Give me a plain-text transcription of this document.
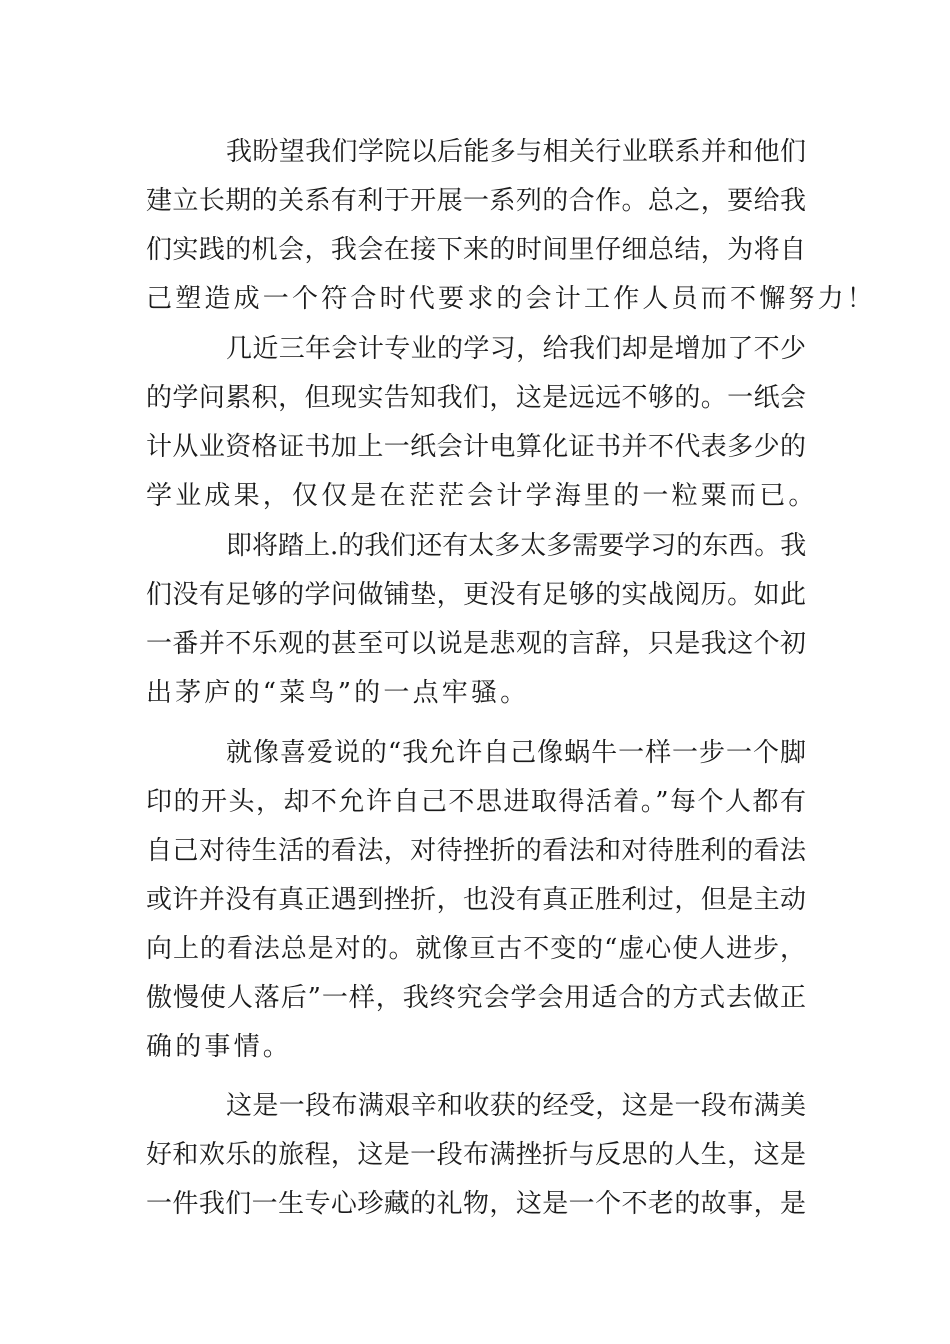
我盼望我们学院以后能多与相关行业联系并和他们
建立长期的关系有利于开展一系列的合作。总之，要给我
们实践的机会，我会在接下来的时间里仔细总结，为将自
己塑造成一个符合时代要求的会计工作人员而不懈努力！
几近三年会计专业的学习，给我们却是增加了不少
的学问累积，但现实告知我们，这是远远不够的。一纸会
计从业资格证书加上一纸会计电算化证书并不代表多少的
学业成果，仅仅是在茫茫会计学海里的一粒粟而已。
即将踏上.的我们还有太多太多需要学习的东西。我
们没有足够的学问做铺垫，更没有足够的实战阅历。如此
一番并不乐观的甚至可以说是悲观的言辞，只是我这个初
出茅庐的“菜鸟”的一点牢骚。
就像喜爱说的“我允许自己像蜗牛一样一步一个脚
印的开头，却不允许自己不思进取得活着。”每个人都有
自己对待生活的看法，对待挫折的看法和对待胜利的看法
或许并没有真正遇到挫折，也没有真正胜利过，但是主动
向上的看法总是对的。就像亘古不变的“虚心使人进步，
傲慢使人落后”一样，我终究会学会用适合的方式去做正
确的事情。
这是一段布满艰辛和收获的经受，这是一段布满美
好和欢乐的旅程，这是一段布满挫折与反思的人生，这是
一件我们一生专心珍藏的礼物，这是一个不老的故事，是
